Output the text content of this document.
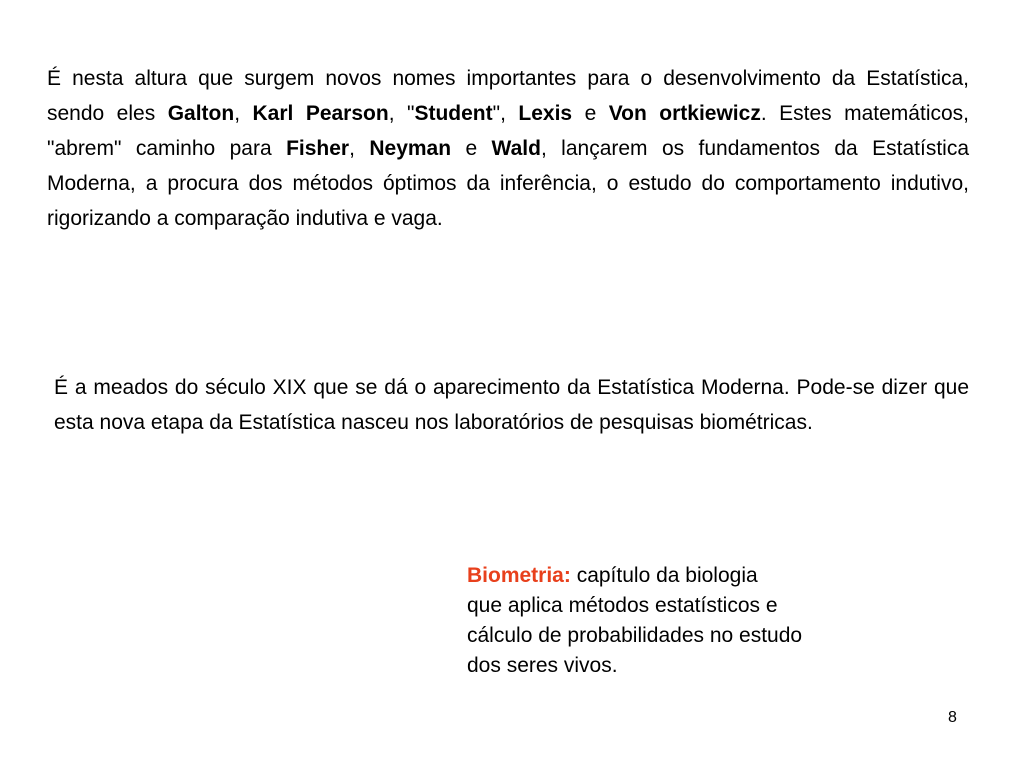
É nesta altura que surgem novos nomes importantes para o desenvolvimento da Estatística, sendo eles Galton, Karl Pearson, "Student", Lexis e Von ortkiewicz. Estes matemáticos, "abrem" caminho para Fisher, Neyman e Wald, lançarem os fundamentos da Estatística Moderna, a procura dos métodos óptimos da inferência, o estudo do comportamento indutivo, rigorizando a comparação indutiva e vaga.

É a meados do século XIX que se dá o aparecimento da Estatística Moderna. Pode-se dizer que esta nova etapa da Estatística nasceu nos laboratórios de pesquisas biométricas.

Biometria: capítulo da biologia
que aplica métodos estatísticos e
cálculo de probabilidades no estudo
dos seres vivos.
8
